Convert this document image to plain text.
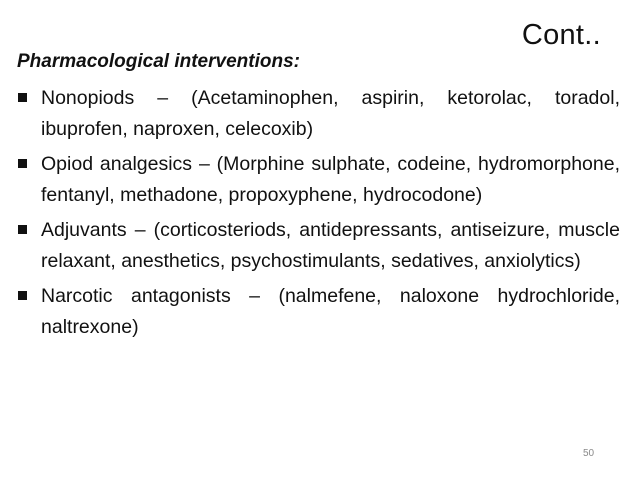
Cont..

Pharmacological interventions:

Nonopiods – (Acetaminophen, aspirin, ketorolac, toradol, ibuprofen, naproxen, celecoxib)
Opiod analgesics – (Morphine sulphate, codeine, hydromorphone, fentanyl, methadone, propoxyphene, hydrocodone)
Adjuvants – (corticosteriods, antidepressants, antiseizure, muscle relaxant, anesthetics, psychostimulants, sedatives, anxiolytics)
Narcotic antagonists – (nalmefene, naloxone hydrochloride, naltrexone)
50
